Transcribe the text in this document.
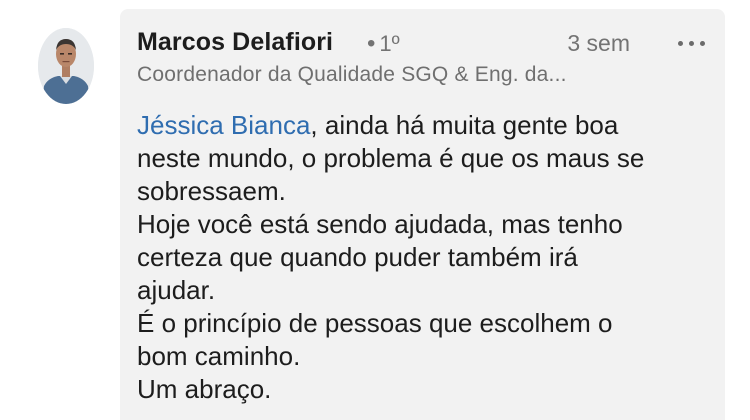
Marcos Delafiori • 1º	3 sem
Coordenador da Qualidade SGQ & Eng. da...
Jéssica Bianca, ainda há muita gente boa
neste mundo, o problema é que os maus se
sobressaem.
Hoje você está sendo ajudada, mas tenho
certeza que quando puder também irá
ajudar.
É o princípio de pessoas que escolhem o
bom caminho.
Um abraço.
